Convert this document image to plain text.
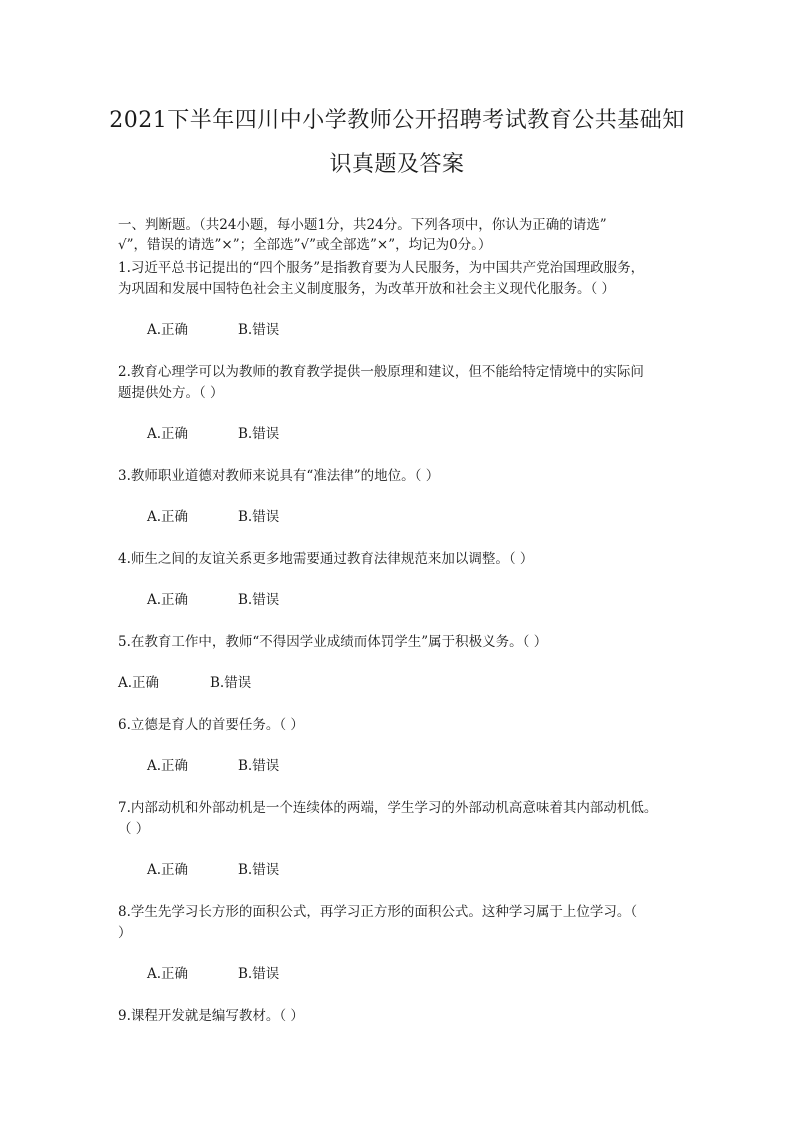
2021下半年四川中小学教师公开招聘考试教育公共基础知
识真题及答案
一、判断题。（共24小题，每小题1分，共24分。下列各项中，你认为正确的请选”
√”，错误的请选”×”；全部选”√”或全部选”×”，均记为0分。）
1.习近平总书记提出的“四个服务”是指教育要为人民服务，为中国共产党治国理政服务，
为巩固和发展中国特色社会主义制度服务，为改革开放和社会主义现代化服务。（ ）
A.正确	B.错误
2.教育心理学可以为教师的教育教学提供一般原理和建议，但不能给特定情境中的实际问
题提供处方。（ ）
A.正确	B.错误
3.教师职业道德对教师来说具有“准法律”的地位。（ ）
A.正确	B.错误
4.师生之间的友谊关系更多地需要通过教育法律规范来加以调整。（ ）
A.正确	B.错误
5.在教育工作中，教师“不得因学业成绩而体罚学生”属于积极义务。（ ）
A.正确	B.错误
6.立德是育人的首要任务。（ ）
A.正确	B.错误
7.内部动机和外部动机是一个连续体的两端，学生学习的外部动机高意味着其内部动机低。
（ ）
A.正确	B.错误
8.学生先学习长方形的面积公式，再学习正方形的面积公式。这种学习属于上位学习。（
）
A.正确	B.错误
9.课程开发就是编写教材。（ ）
